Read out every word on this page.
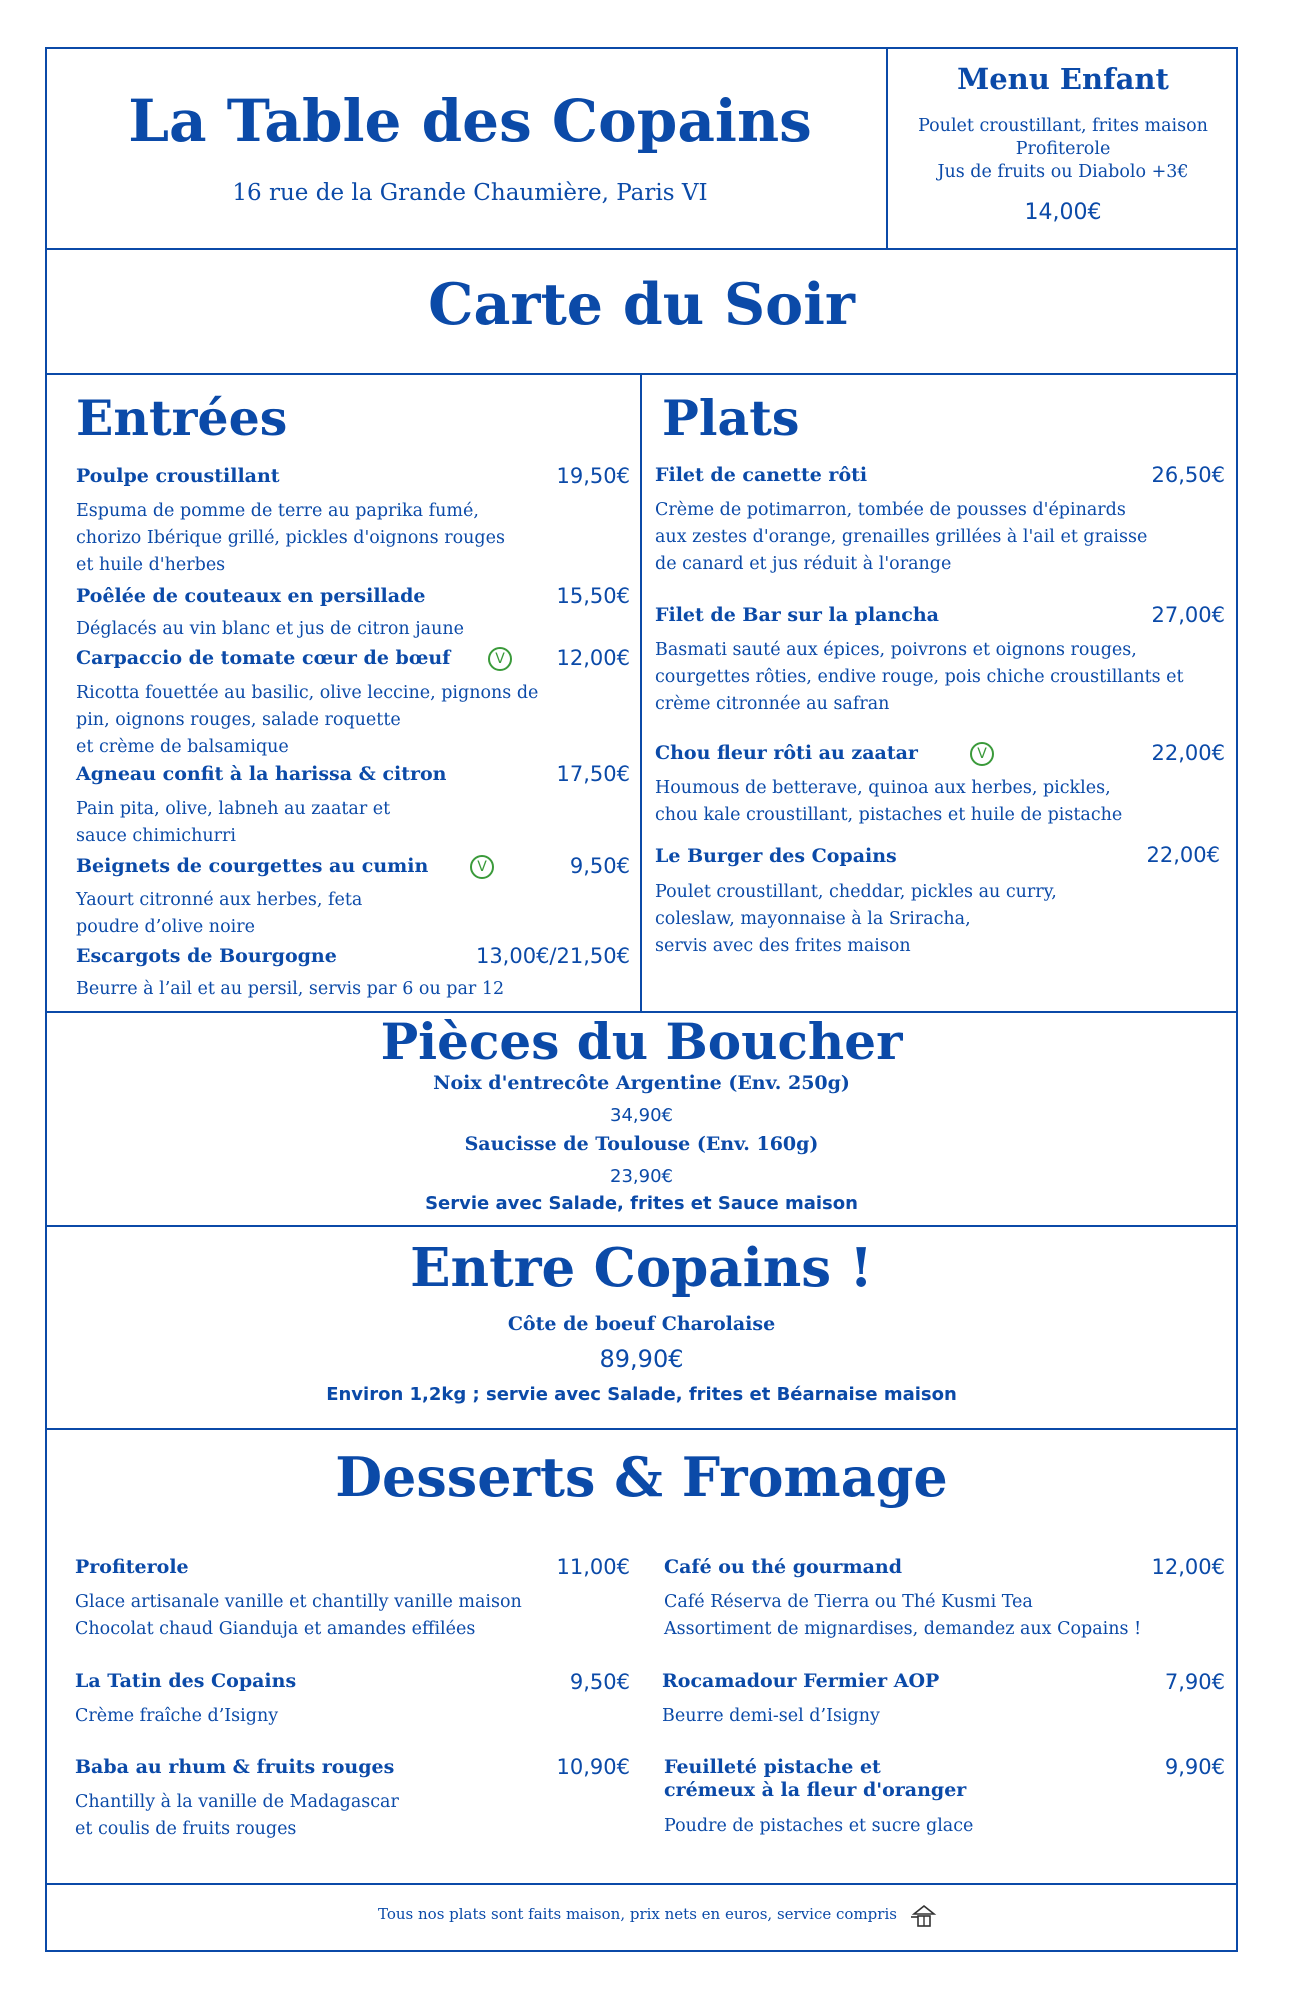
La Table des Copains
16 rue de la Grande Chaumière, Paris VI
Menu Enfant
Poulet croustillant, frites maison
Profiterole
Jus de fruits ou Diabolo +3€
14,00€
Carte du Soir
Entrées
Poulpe croustillant	19,50€
Espuma de pomme de terre au paprika fumé,
chorizo Ibérique grillé, pickles d'oignons rouges
et huile d'herbes
Poêlée de couteaux en persillade	15,50€
Déglacés au vin blanc et jus de citron jaune
Carpaccio de tomate cœur de bœuf	V	12,00€
Ricotta fouettée au basilic, olive leccine, pignons de
pin, oignons rouges, salade roquette
et crème de balsamique
Agneau confit à la harissa & citron	17,50€
Pain pita, olive, labneh au zaatar et
sauce chimichurri
Beignets de courgettes au cumin	V	9,50€
Yaourt citronné aux herbes, feta
poudre d’olive noire
Escargots de Bourgogne	13,00€/21,50€
Beurre à l’ail et au persil, servis par 6 ou par 12
Plats
Filet de canette rôti	26,50€
Crème de potimarron, tombée de pousses d'épinards
aux zestes d'orange, grenailles grillées à l'ail et graisse
de canard et jus réduit à l'orange
Filet de Bar sur la plancha	27,00€
Basmati sauté aux épices, poivrons et oignons rouges,
courgettes rôties, endive rouge, pois chiche croustillants et
crème citronnée au safran
Chou fleur rôti au zaatar	V	22,00€
Houmous de betterave, quinoa aux herbes, pickles,
chou kale croustillant, pistaches et huile de pistache
Le Burger des Copains	22,00€
Poulet croustillant, cheddar, pickles au curry,
coleslaw, mayonnaise à la Sriracha,
servis avec des frites maison
Pièces du Boucher
Noix d'entrecôte Argentine (Env. 250g)
34,90€
Saucisse de Toulouse (Env. 160g)
23,90€
Servie avec Salade, frites et Sauce maison
Entre Copains !
Côte de boeuf Charolaise
89,90€
Environ 1,2kg ; servie avec Salade, frites et Béarnaise maison
Desserts & Fromage
Profiterole	11,00€
Glace artisanale vanille et chantilly vanille maison
Chocolat chaud Gianduja et amandes effilées
La Tatin des Copains	9,50€
Crème fraîche d’Isigny
Baba au rhum & fruits rouges	10,90€
Chantilly à la vanille de Madagascar
et coulis de fruits rouges
Café ou thé gourmand	12,00€
Café Réserva de Tierra ou Thé Kusmi Tea
Assortiment de mignardises, demandez aux Copains !
Rocamadour Fermier AOP	7,90€
Beurre demi-sel d’Isigny
Feuilleté pistache et
crémeux à la fleur d'oranger
9,90€
Poudre de pistaches et sucre glace
Tous nos plats sont faits maison, prix nets en euros, service compris
